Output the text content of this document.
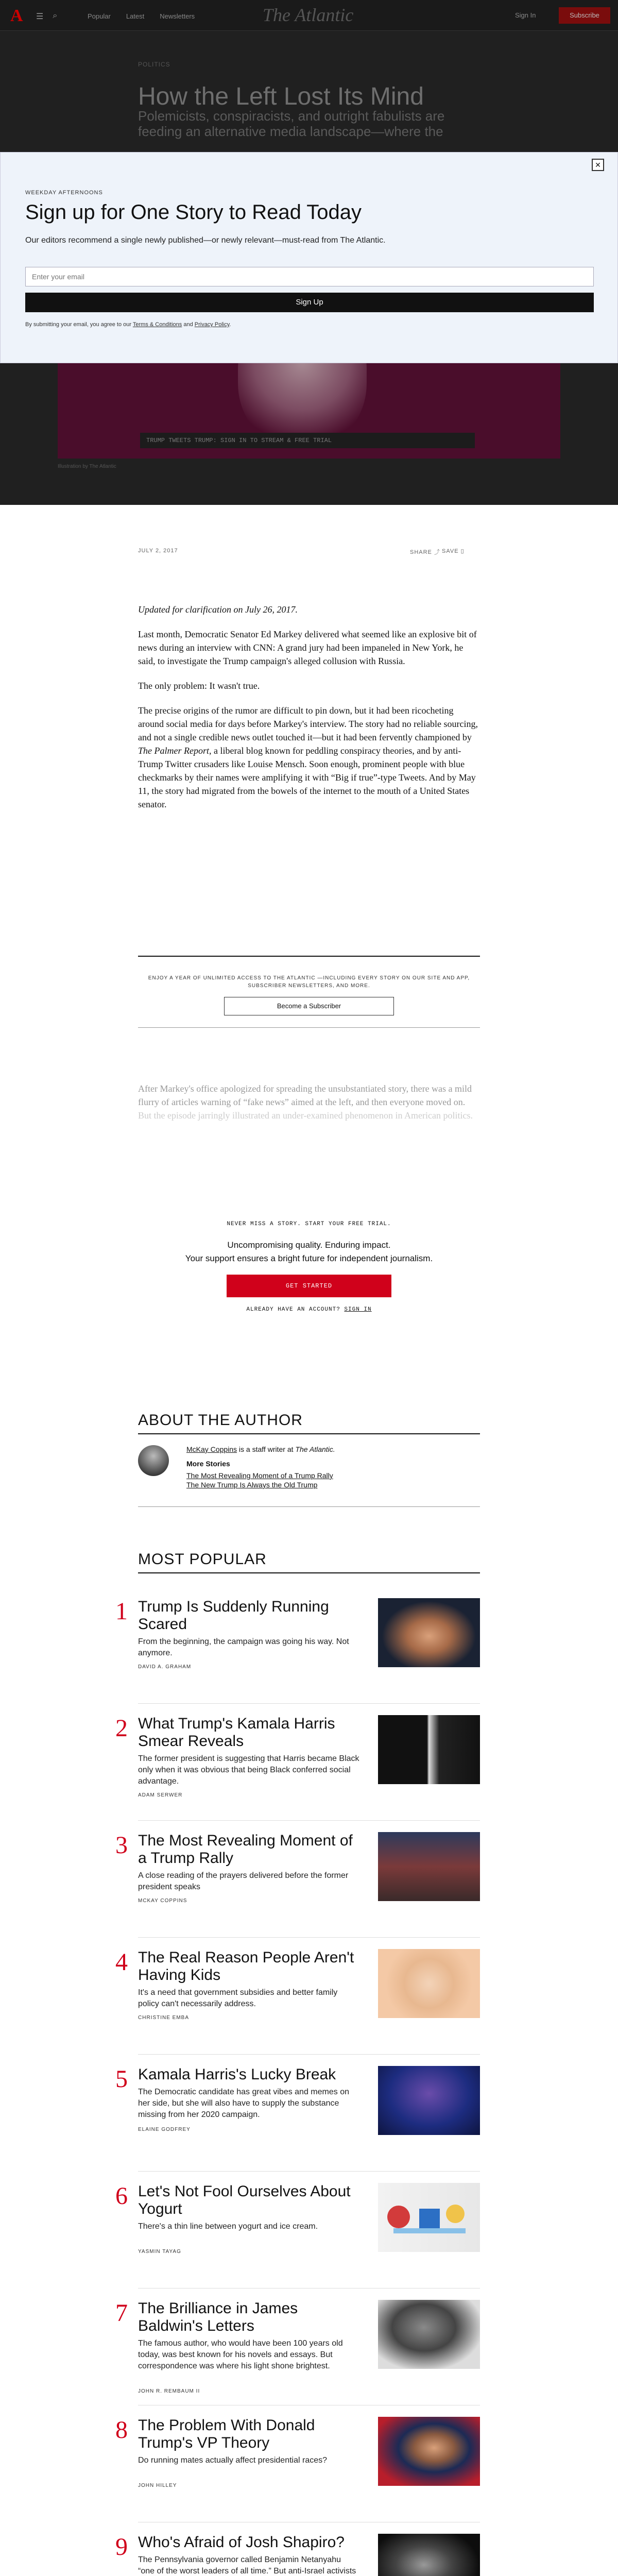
A ☰ ⌕	Popular Latest Newsletters	The Atlantic	Sign In	Subscribe
POLITICS
How the Left Lost Its Mind
Polemicists, conspiracists, and outright fabulists are feeding an alternative media landscape—where the
TRUMP TWEETS TRUMP: SIGN IN TO STREAM & FREE TRIAL
Illustration by The Atlantic
✕
WEEKDAY AFTERNOONS
Sign up for One Story to Read Today
Our editors recommend a single newly published—or newly relevant—must-read from The Atlantic.
Enter your email
Sign Up
By submitting your email, you agree to our Terms & Conditions and Privacy Policy.
JULY 2, 2017	SHARE ⤴ SAVE ▯

Updated for clarification on July 26, 2017.

Last month, Democratic Senator Ed Markey delivered what seemed like an explosive bit of news during an interview with CNN: A grand jury had been impaneled in New York, he said, to investigate the Trump campaign's alleged collusion with Russia.

The only problem: It wasn't true.

The precise origins of the rumor are difficult to pin down, but it had been ricocheting around social media for days before Markey's interview. The story had no reliable sourcing, and not a single credible news outlet touched it—but it had been fervently championed by The Palmer Report, a liberal blog known for peddling conspiracy theories, and by anti-Trump Twitter crusaders like Louise Mensch. Soon enough, prominent people with blue checkmarks by their names were amplifying it with “Big if true”-type Tweets. And by May 11, the story had migrated from the bowels of the internet to the mouth of a United States senator.

ENJOY A YEAR OF UNLIMITED ACCESS TO THE ATLANTIC —INCLUDING EVERY STORY ON OUR SITE AND APP, SUBSCRIBER NEWSLETTERS, AND MORE.
Become a Subscriber
After Markey's office apologized for spreading the unsubstantiated story, there was a mild flurry of articles warning of “fake news” aimed at the left, and then everyone moved on. But the episode jarringly illustrated an under-examined phenomenon in American politics.
NEVER MISS A STORY. START YOUR FREE TRIAL.
Uncompromising quality. Enduring impact.
Your support ensures a bright future for independent journalism.
GET STARTED
ALREADY HAVE AN ACCOUNT? SIGN IN
ABOUT THE AUTHOR
McKay Coppins is a staff writer at The Atlantic.
More Stories
The Most Revealing Moment of a Trump Rally
The New Trump Is Always the Old Trump
MOST POPULAR
1 Trump Is Suddenly Running Scared
From the beginning, the campaign was going his way. Not anymore.
DAVID A. GRAHAM
2 What Trump's Kamala Harris Smear Reveals
The former president is suggesting that Harris became Black only when it was obvious that being Black conferred social advantage.
ADAM SERWER
3 The Most Revealing Moment of a Trump Rally
A close reading of the prayers delivered before the former president speaks
MCKAY COPPINS
4 The Real Reason People Aren't Having Kids
It's a need that government subsidies and better family policy can't necessarily address.
CHRISTINE EMBA
5 Kamala Harris's Lucky Break
The Democratic candidate has great vibes and memes on her side, but she will also have to supply the substance missing from her 2020 campaign.
ELAINE GODFREY
6 Let's Not Fool Ourselves About Yogurt
There's a thin line between yogurt and ice cream.
YASMIN TAYAG
7 The Brilliance in James Baldwin's Letters
The famous author, who would have been 100 years old today, was best known for his novels and essays. But correspondence was where his light shone brightest.
JOHN R. REMBAUM II
8 The Problem With Donald Trump's VP Theory
Do running mates actually affect presidential races?
JOHN HILLEY
9 Who's Afraid of Josh Shapiro?
The Pennsylvania governor called Benjamin Netanyahu “one of the worst leaders of all time.” But anti-Israel activists
